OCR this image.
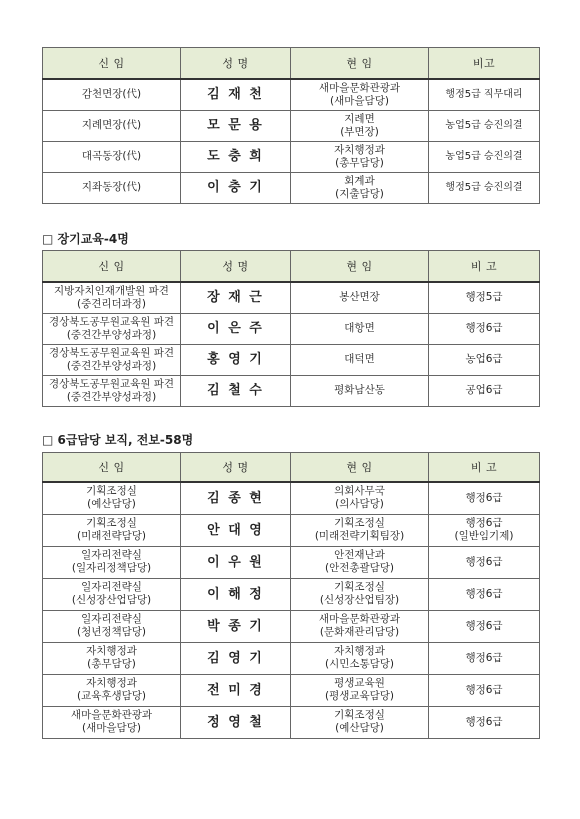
신 임	성 명	현 임	비고

감천면장(代)	김 재 천	새마을문화관광과
(새마을담당)	행정5급 직무대리

지례면장(代)	모 문 용	지례면
(부면장)	농업5급 승진의결

대곡동장(代)	도 충 희	자치행정과
(총무담당)	농업5급 승진의결

지좌동장(代)	이 충 기	회계과
(지출담당)	행정5급 승진의결
□ 장기교육-4명
신 임	성 명	현 임	비 고

지방자치인재개발원 파견
(중견리더과정)	장 재 근	봉산면장	행정5급

경상북도공무원교육원 파견
(중견간부양성과정)	이 은 주	대항면	행정6급

경상북도공무원교육원 파견
(중견간부양성과정)	홍 영 기	대덕면	농업6급

경상북도공무원교육원 파견
(중견간부양성과정)	김 철 수	평화남산동	공업6급
□ 6급담당 보직, 전보-58명
신 임	성 명	현 임	비 고

기획조정실
(예산담당)	김 종 현	의회사무국
(의사담당)	행정6급

기획조정실
(미래전략담당)	안 대 영	기획조정실
(미래전략기획팀장)	행정6급
(일반임기제)

일자리전략실
(일자리정책담당)	이 우 원	안전재난과
(안전총괄담당)	행정6급

일자리전략실
(신성장산업담당)	이 해 정	기획조정실
(신성장산업팀장)	행정6급

일자리전략실
(청년정책담당)	박 종 기	새마을문화관광과
(문화재관리담당)	행정6급

자치행정과
(총무담당)	김 영 기	자치행정과
(시민소통담당)	행정6급

자치행정과
(교육후생담당)	전 미 경	평생교육원
(평생교육담당)	행정6급

새마을문화관광과
(새마을담당)	정 영 철	기획조정실
(예산담당)	행정6급
